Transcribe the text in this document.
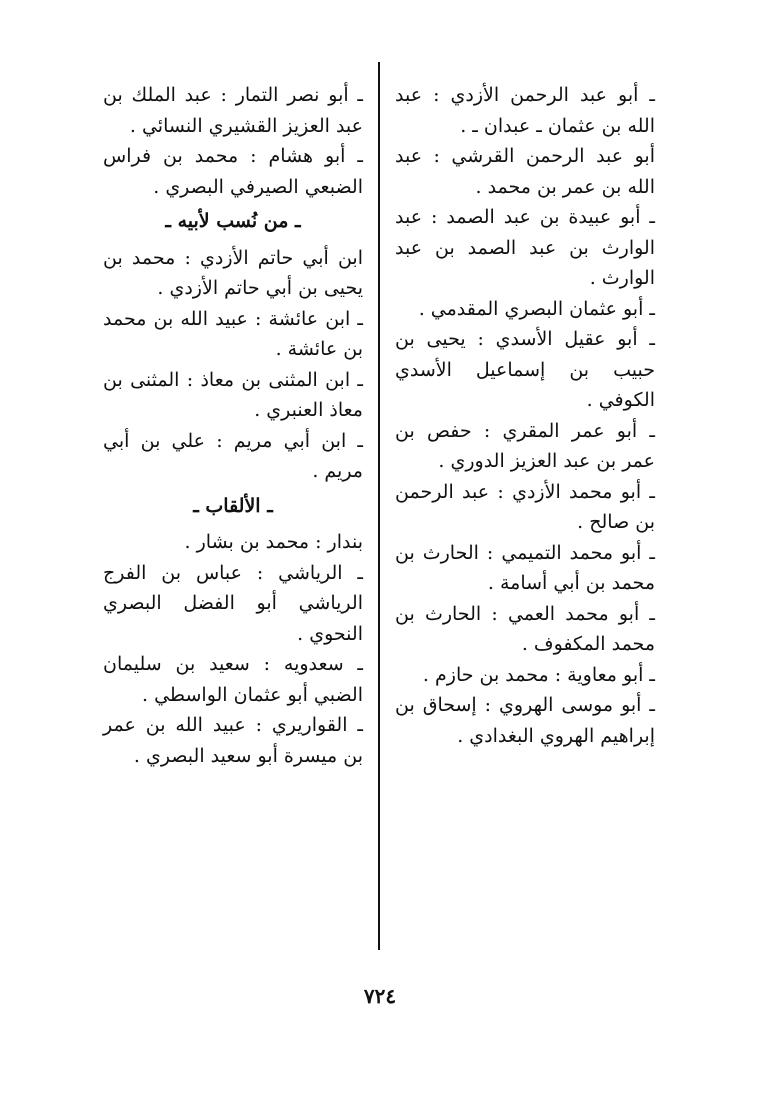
ـ أبو عبد الرحمن الأزدي : عبد الله بن عثمان ـ عبدان ـ .

أبو عبد الرحمن القرشي : عبد الله بن عمر بن محمد .

ـ أبو عبيدة بن عبد الصمد : عبد الوارث بن عبد الصمد بن عبد الوارث .

ـ أبو عثمان البصري المقدمي .

ـ أبو عقيل الأسدي : يحيى بن حبيب بن إسماعيل الأسدي الكوفي .

ـ أبو عمر المقري : حفص بن عمر بن عبد العزيز الدوري .

ـ أبو محمد الأزدي : عبد الرحمن بن صالح .

ـ أبو محمد التميمي : الحارث بن محمد بن أبي أسامة .

ـ أبو محمد العمي : الحارث بن محمد المكفوف .

ـ أبو معاوية : محمد بن حازم .

ـ أبو موسى الهروي : إسحاق بن إبراهيم الهروي البغدادي .

ـ أبو نصر التمار : عبد الملك بن عبد العزيز القشيري النسائي .

ـ أبو هشام : محمد بن فراس الضبعي الصيرفي البصري .

ـ من نُسب لأبيه ـ

ابن أبي حاتم الأزدي : محمد بن يحيى بن أبي حاتم الأزدي .

ـ ابن عائشة : عبيد الله بن محمد بن عائشة .

ـ ابن المثنى بن معاذ : المثنى بن معاذ العنبري .

ـ ابن أبي مريم : علي بن أبي مريم .

ـ الألقاب ـ

بندار : محمد بن بشار .

ـ الرياشي : عباس بن الفرج الرياشي أبو الفضل البصري النحوي .

ـ سعدويه : سعيد بن سليمان الضبي أبو عثمان الواسطي .

ـ القواريري : عبيد الله بن عمر بن ميسرة أبو سعيد البصري .

٧٢٤
